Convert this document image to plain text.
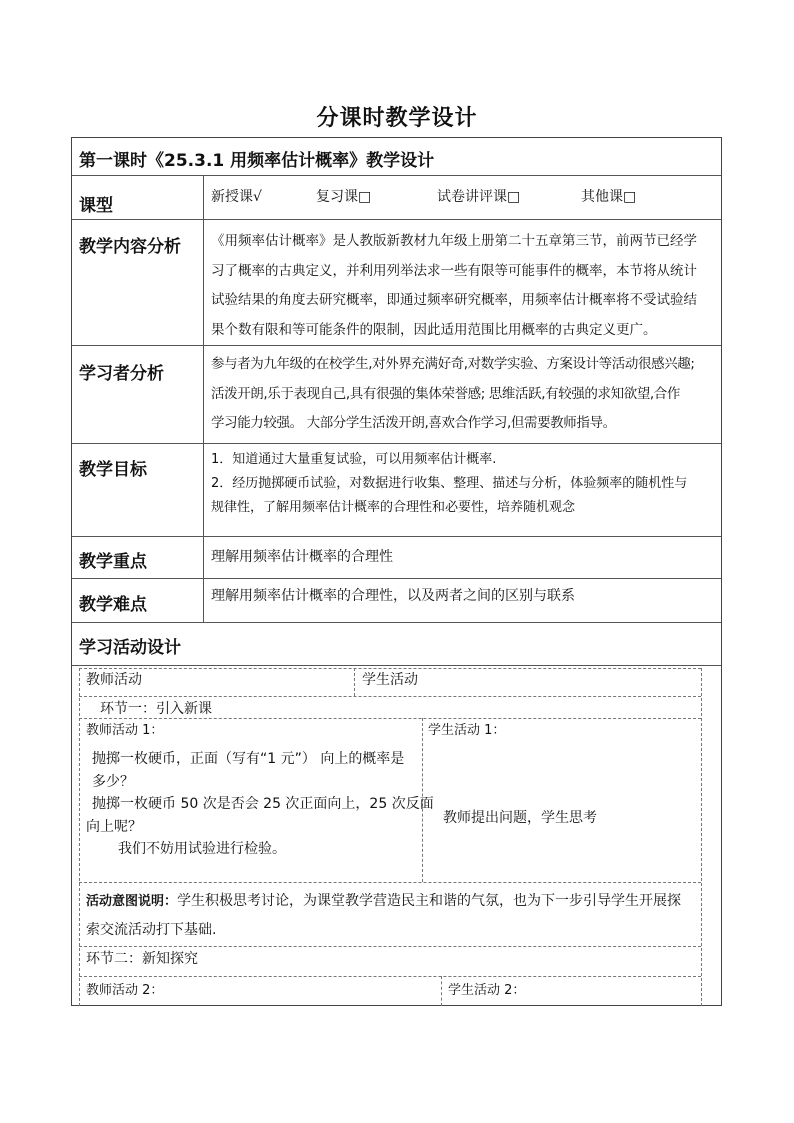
分课时教学设计
第一课时《25.3.1 用频率估计概率》教学设计
课型	新授课√	复习课□	试卷讲评课□	其他课□
教学内容分析 《用频率估计概率》是人教版新教材九年级上册第二十五章第三节，前两节已经学
习了概率的古典定义，并利用列举法求一些有限等可能事件的概率，本节将从统计
试验结果的角度去研究概率，即通过频率研究概率，用频率估计概率将不受试验结
果个数有限和等可能条件的限制，因此适用范围比用概率的古典定义更广。
学习者分析	参与者为九年级的在校学生,对外界充满好奇,对数学实验、方案设计等活动很感兴趣;
活泼开朗,乐于表现自己,具有很强的集体荣誉感; 思维活跃,有较强的求知欲望,合作
学习能力较强。 大部分学生活泼开朗,喜欢合作学习,但需要教师指导。
教学目标
1．知道通过大量重复试验，可以用频率估计概率.
2．经历抛掷硬币试验，对数据进行收集、整理、描述与分析，体验频率的随机性与
规律性，了解用频率估计概率的合理性和必要性，培养随机观念
教学重点	理解用频率估计概率的合理性
教学难点	理解用频率估计概率的合理性，以及两者之间的区别与联系
学习活动设计
教师活动	学生活动
环节一：引入新课
教师活动 1：
抛掷一枚硬币，正面（写有“1 元”） 向上的概率是
多少？
抛掷一枚硬币 50 次是否会 25 次正面向上，25 次反面
向上呢？
我们不妨用试验进行检验。
学生活动 1：
教师提出问题，学生思考
活动意图说明：学生积极思考讨论，为课堂教学营造民主和谐的气氛，也为下一步引导学生开展探
索交流活动打下基础.
环节二：新知探究
教师活动 2：	学生活动 2：
